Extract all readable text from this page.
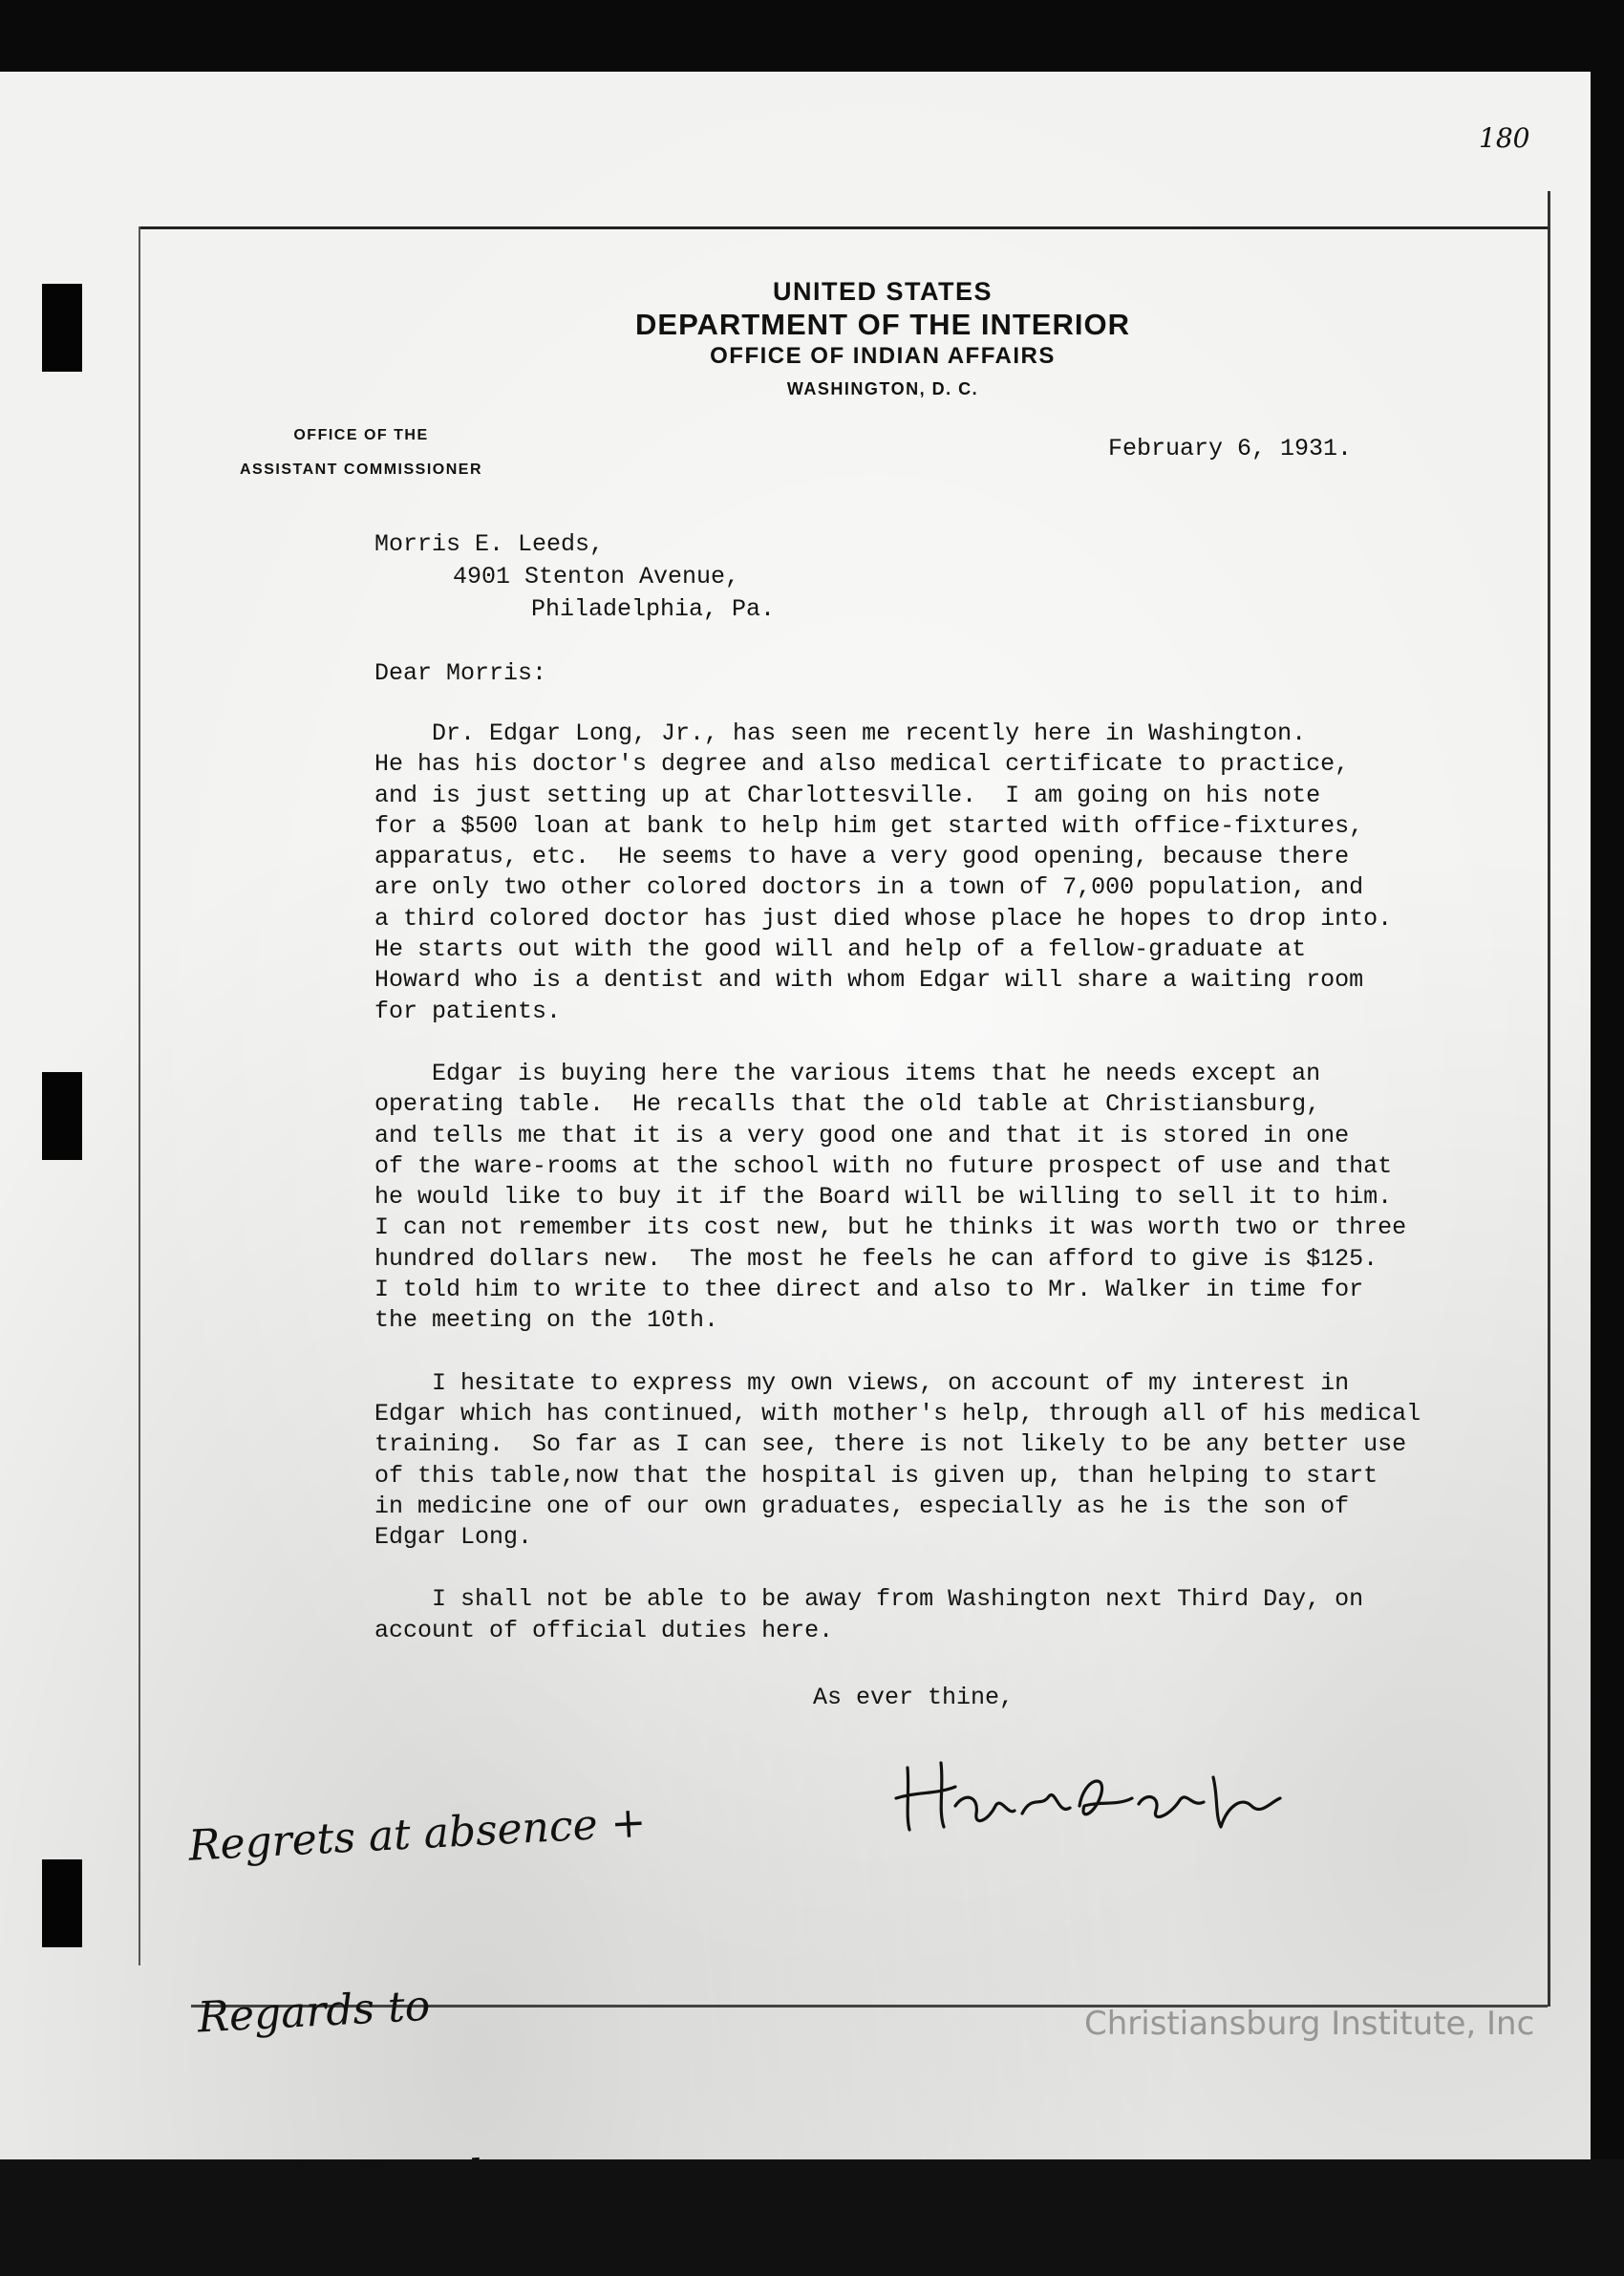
180
UNITED STATES
DEPARTMENT OF THE INTERIOR
OFFICE OF INDIAN AFFAIRS
WASHINGTON, D. C.
OFFICE OF THE
ASSISTANT COMMISSIONER
February 6, 1931.
Morris E. Leeds,
4901 Stenton Avenue,
Philadelphia, Pa.
Dear Morris:
Dr. Edgar Long, Jr., has seen me recently here in Washington.
He has his doctor's degree and also medical certificate to practice,
and is just setting up at Charlottesville.  I am going on his note
for a $500 loan at bank to help him get started with office-fixtures,
apparatus, etc.  He seems to have a very good opening, because there
are only two other colored doctors in a town of 7,000 population, and
a third colored doctor has just died whose place he hopes to drop into.
He starts out with the good will and help of a fellow-graduate at
Howard who is a dentist and with whom Edgar will share a waiting room
for patients.
Edgar is buying here the various items that he needs except an
operating table.  He recalls that the old table at Christiansburg,
and tells me that it is a very good one and that it is stored in one
of the ware-rooms at the school with no future prospect of use and that
he would like to buy it if the Board will be willing to sell it to him.
I can not remember its cost new, but he thinks it was worth two or three
hundred dollars new.  The most he feels he can afford to give is $125.
I told him to write to thee direct and also to Mr. Walker in time for
the meeting on the 10th.
I hesitate to express my own views, on account of my interest in
Edgar which has continued, with mother's help, through all of his medical
training.  So far as I can see, there is not likely to be any better use
of this table,now that the hospital is given up, than helping to start
in medicine one of our own graduates, especially as he is the son of
Edgar Long.
I shall not be able to be away from Washington next Third Day, on
account of official duties here.
As ever thine,

Regrets at absence +

Regards to

all the Board.

Christiansburg Institute, Inc
